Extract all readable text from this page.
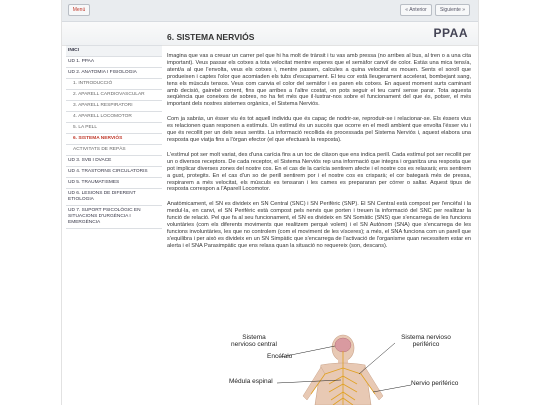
Menú	« Anterior	Siguiente »
PPAA
INICI
UD 1. PPAA
UD 2. ANATOMIA I FISIOLOGIA
1. INTRODUCCIÓ
2. APARELL CARDIOVASCULAR
3. APARELL RESPIRATORI
4. APARELL LOCOMOTOR
5. LA PELL
6. SISTEMA NERVIÓS
ACTIVITATS DE REPÀS
UD 3. SVB I DVACE
UD 4. TRASTORNS CIRCULATORIS
UD 5. TRAUMATISMES
UD 6. LESIONS DE DIFERENT ETIOLOGIA
UD 7. SUPORT PSICOLÒGIC EN SITUACIONS D'URGÈNCIA I EMERGÈNCIA
6. SISTEMA NERVIÓS

Imagina que vas a creuar un carrer pel que hi ha molt de trànsit i tu vas amb pressa (no arribes al bus, al tren o a una cita important). Veus passar els cotxes a tota velocitat mentre esperes que el semàfor canviï de color. Estàs una mica tens/a, atent/a al que l'envolta, veus els cotxes i, mentre passen, calcules a quina velocitat es mouen. Sents el soroll que produeixen i captes l'olor que acomiaden els tubs d'escapament. El teu cor està lleugerament accelerat, bombejant sang, tens els músculs tensos. Veus com canvia el color del semàfor i es paren els cotxes. En aquest moment surts caminant amb decisió, gairebé corrent, fins que arribes a l'altre costat, on pots seguir el teu camí sense parar. Tota aquesta seqüència que coneixes de sobres, no ha fet més que il·lustrar-nos sobre el funcionament del que és, potser, el més important dels nostres sistemes orgànics, el Sistema Nerviós.

Com ja sabràs, un ésser viu és tot aquell individu que és capaç de nodrir-se, reproduir-se i relacionar-se. Els éssers vius es relacionen quan responen a estímuls. Un estímul és un succés que ocorre en el medi ambient que envolta l'ésser viu i que és recollit per un dels seus sentits. La informació recollida és processada pel Sistema Nerviós i, aquest elabora una resposta que viatja fins a l'òrgan efector (el que efectuarà la resposta).

L'estímul pot ser molt variat, des d'una carícia fins a un toc de clàxon que ens indica perill. Cada estímul pot ser recollit per un o diversos receptors. De cada receptor, el Sistema Nerviós rep una informació que integra i organitza una resposta que pot implicar diverses zones del nostre cos. En el cas de la carícia sentirem afecte i el nostre cos es relaxarà; ens sentirem a gust, protegits. En el cas d'un so de perill sentirem por i el nostre cos es crisparà; el cor bategarà més de pressa, respirarem a més velocitat, els músculs es tensaran i les cames es prepararan per córrer o saltar. Aquest tipus de resposta correspon a l'Aparell Locomotor.

Anatòmicament, el SN es divideix en SN Central (SNC) i SN Perifèric (SNP). El SN Central està compost per l'encèfal i la medul·la, en canvi, el SN Perifèric està compost pels nervis que porten i treuen la informació del SNC per realitzar la funció de relació. Pel que fa al seu funcionament, el SN es divideix en SN Somàtic (SNS) que s'encarrega de les funcions voluntàries (com els diferents moviments que realitzem perquè volem) i el SN Autònom (SNA) que s'encarrega de les funcions involuntàries, les que no controlem (com el moviment de les vísceres); a més, el SNA funciona com un parell que s'equilibra i per això es divideix en un SN Simpàtic que s'encarrega de l'activació de l'organisme quan necessitem estar en alerta i el SNA Parasimpàtic que ens relaxa quan la situació no requereix (son, descans).

Sistema nervioso central
Sistema nervioso periférico
Encéfalo
Médula espinal	Nervio periférico
